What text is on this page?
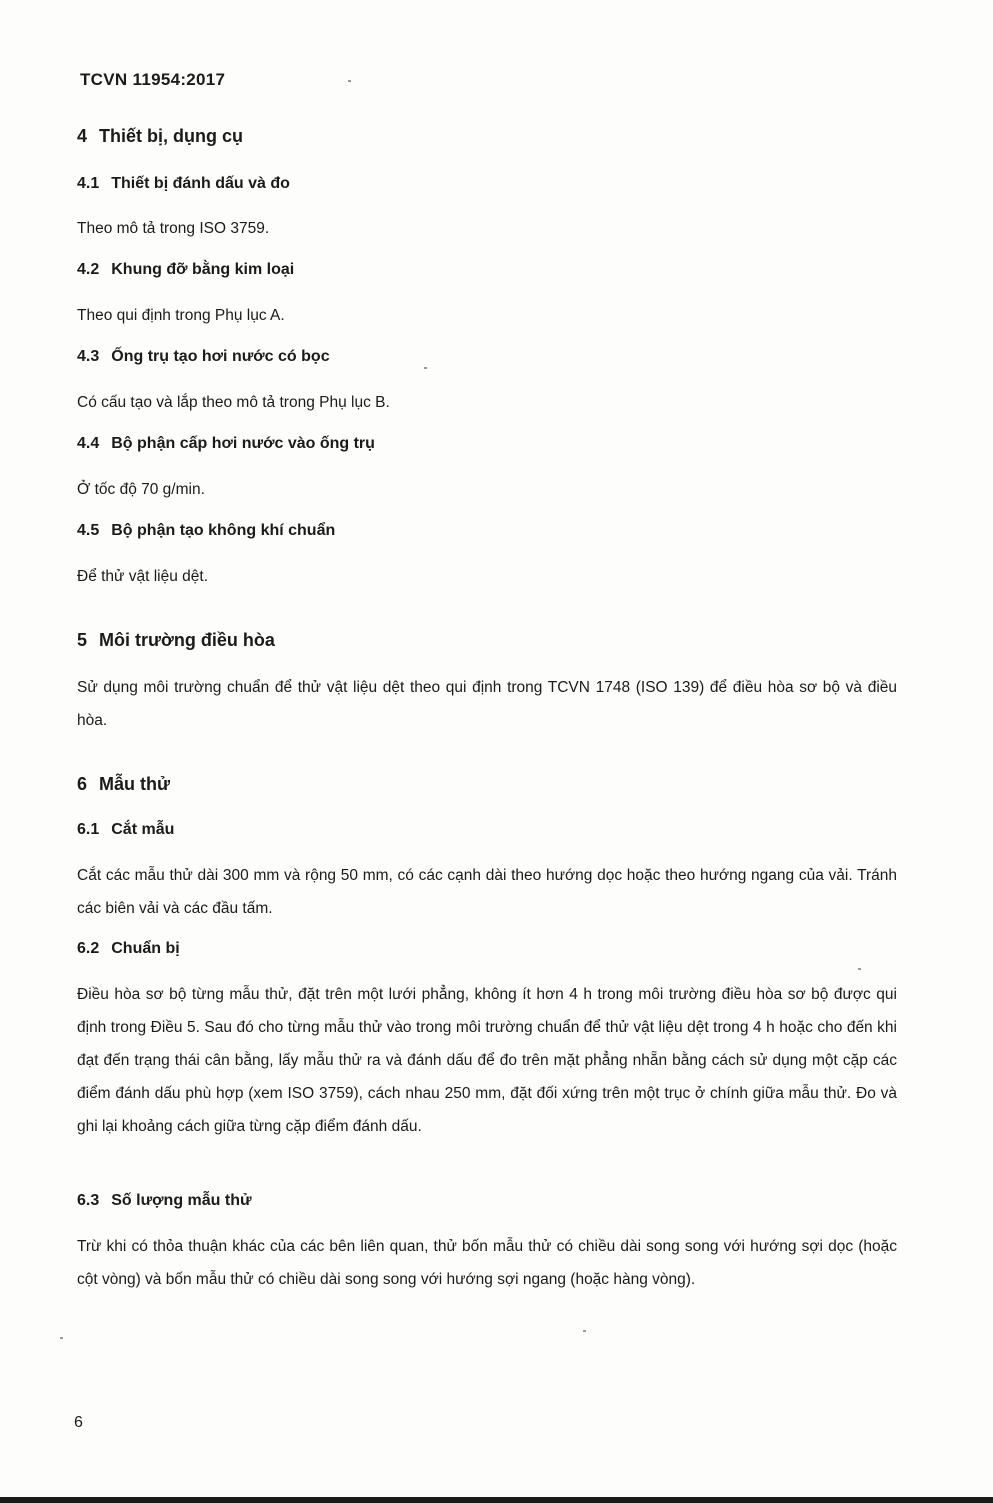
TCVN 11954:2017
4 Thiết bị, dụng cụ
4.1 Thiết bị đánh dấu và đo

Theo mô tả trong ISO 3759.

4.2 Khung đỡ bằng kim loại

Theo qui định trong Phụ lục A.

4.3 Ống trụ tạo hơi nước có bọc

Có cấu tạo và lắp theo mô tả trong Phụ lục B.

4.4 Bộ phận cấp hơi nước vào ống trụ

Ở tốc độ 70 g/min.

4.5 Bộ phận tạo không khí chuẩn

Để thử vật liệu dệt.

5 Môi trường điều hòa

Sử dụng môi trường chuẩn để thử vật liệu dệt theo qui định trong TCVN 1748 (ISO 139) để điều hòa sơ bộ và điều hòa.

6 Mẫu thử
6.1 Cắt mẫu

Cắt các mẫu thử dài 300 mm và rộng 50 mm, có các cạnh dài theo hướng dọc hoặc theo hướng ngang của vải. Tránh các biên vải và các đầu tấm.

6.2 Chuẩn bị

Điều hòa sơ bộ từng mẫu thử, đặt trên một lưới phẳng, không ít hơn 4 h trong môi trường điều hòa sơ bộ được qui định trong Điều 5. Sau đó cho từng mẫu thử vào trong môi trường chuẩn để thử vật liệu dệt trong 4 h hoặc cho đến khi đạt đến trạng thái cân bằng, lấy mẫu thử ra và đánh dấu để đo trên mặt phẳng nhẵn bằng cách sử dụng một cặp các điểm đánh dấu phù hợp (xem ISO 3759), cách nhau 250 mm, đặt đối xứng trên một trục ở chính giữa mẫu thử. Đo và ghi lại khoảng cách giữa từng cặp điểm đánh dấu.

6.3 Số lượng mẫu thử

Trừ khi có thỏa thuận khác của các bên liên quan, thử bốn mẫu thử có chiều dài song song với hướng sợi dọc (hoặc cột vòng) và bốn mẫu thử có chiều dài song song với hướng sợi ngang (hoặc hàng vòng).

6
